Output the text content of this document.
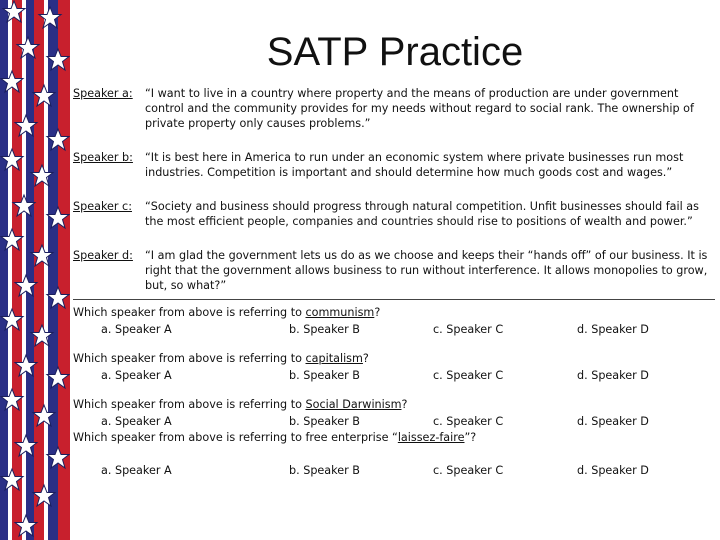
SATP Practice
Speaker a:	“I want to live in a country where property and the means of production are under government control and the community provides for my needs without regard to social rank. The ownership of private property only causes problems.”
Speaker b:	“It is best here in America to run under an economic system where private businesses run most industries. Competition is important and should determine how much goods cost and wages.”
Speaker c:	“Society and business should progress through natural competition. Unfit businesses should fail as the most efficient people, companies and countries should rise to positions of wealth and power.”
Speaker d:	“I am glad the government lets us do as we choose and keeps their “hands off” of our business. It is right that the government allows business to run without interference. It allows monopolies to grow, but, so what?”
Which speaker from above is referring to communism?
a. Speaker A	b. Speaker B	c. Speaker C	d. Speaker D
Which speaker from above is referring to capitalism?
a. Speaker A	b. Speaker B	c. Speaker C	d. Speaker D
Which speaker from above is referring to Social Darwinism?
a. Speaker A	b. Speaker B	c. Speaker C	d. Speaker D
Which speaker from above is referring to free enterprise “laissez-faire”?
a. Speaker A	b. Speaker B	c. Speaker C	d. Speaker D
